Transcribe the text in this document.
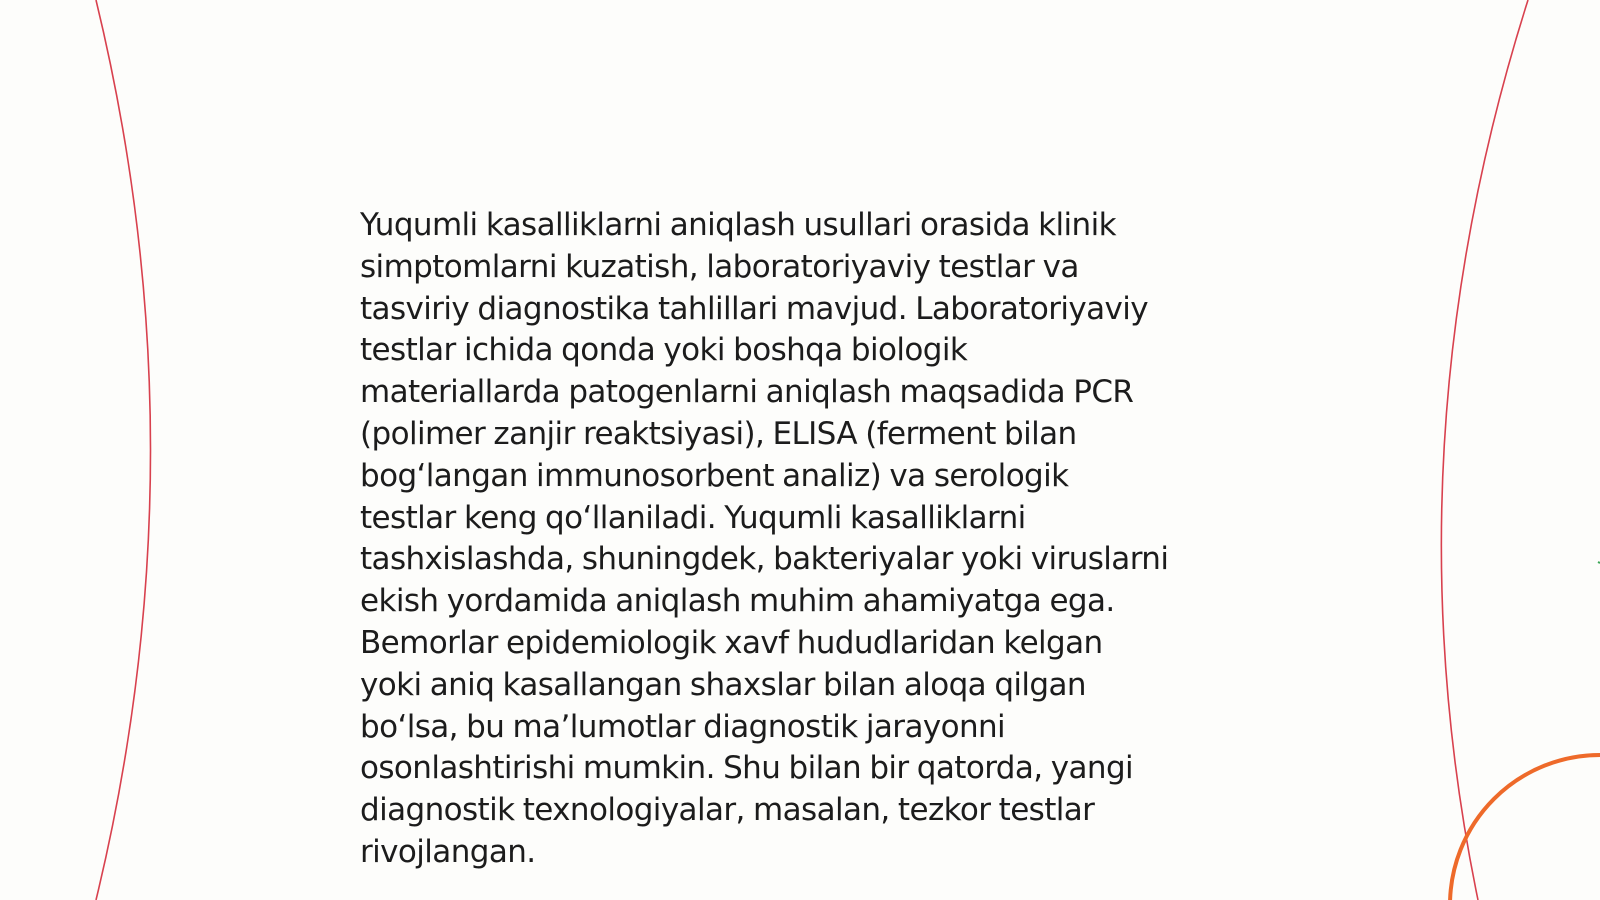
Yuqumli kasalliklarni aniqlash usullari orasida klinik
simptomlarni kuzatish, laboratoriyaviy testlar va
tasviriy diagnostika tahlillari mavjud. Laboratoriyaviy
testlar ichida qonda yoki boshqa biologik
materiallarda patogenlarni aniqlash maqsadida PCR
(polimer zanjir reaktsiyasi), ELISA (ferment bilan
bog‘langan immunosorbent analiz) va serologik
testlar keng qo‘llaniladi. Yuqumli kasalliklarni
tashxislashda, shuningdek, bakteriyalar yoki viruslarni
ekish yordamida aniqlash muhim ahamiyatga ega.
Bemorlar epidemiologik xavf hududlaridan kelgan
yoki aniq kasallangan shaxslar bilan aloqa qilgan
bo‘lsa, bu ma’lumotlar diagnostik jarayonni
osonlashtirishi mumkin. Shu bilan bir qatorda, yangi
diagnostik texnologiyalar, masalan, tezkor testlar
rivojlangan.
